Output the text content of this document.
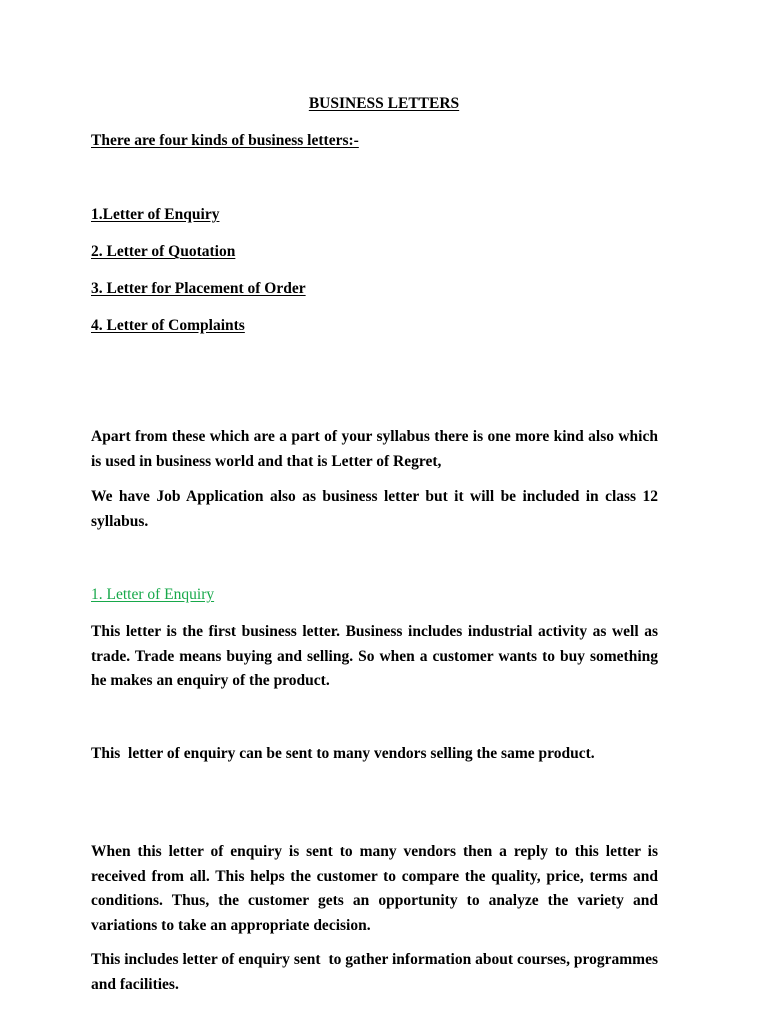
BUSINESS LETTERS

There are four kinds of business letters:-

1.Letter of Enquiry

2. Letter of Quotation

3. Letter for Placement of Order

4. Letter of Complaints

Apart from these which are a part of your syllabus there is one more kind also which is used in business world and that is Letter of Regret,

We have Job Application also as business letter but it will be included in class 12 syllabus.

1. Letter of Enquiry

This letter is the first business letter. Business includes industrial activity as well as trade. Trade means buying and selling. So when a customer wants to buy something he makes an enquiry of the product.

This  letter of enquiry can be sent to many vendors selling the same product.

When this letter of enquiry is sent to many vendors then a reply to this letter is received from all. This helps the customer to compare the quality, price, terms and conditions. Thus, the customer gets an opportunity to analyze the variety and variations to take an appropriate decision.

This includes letter of enquiry sent  to gather information about courses, programmes and facilities.
